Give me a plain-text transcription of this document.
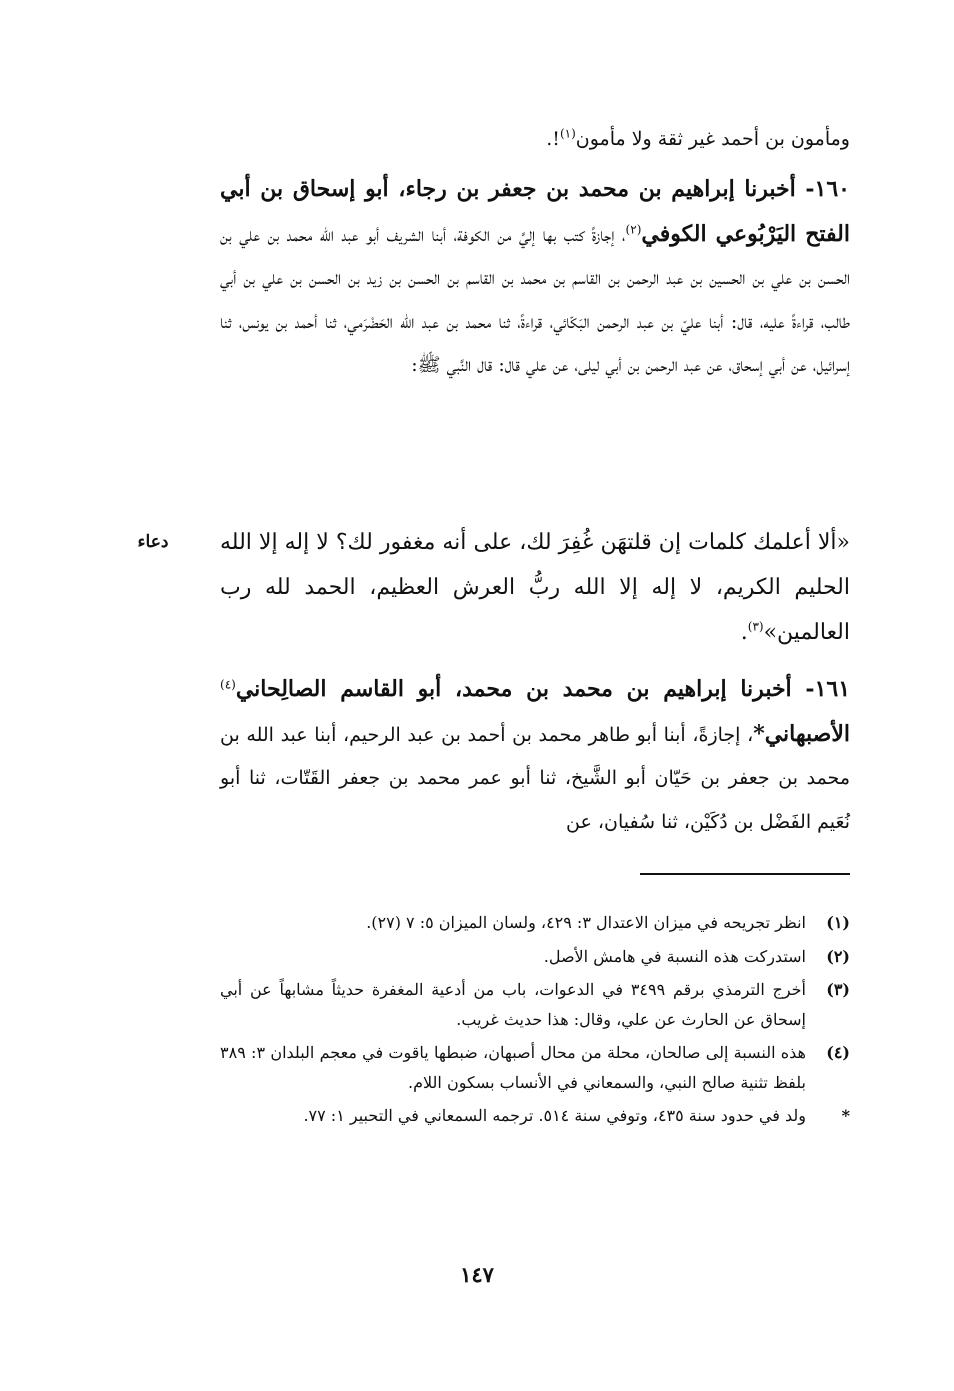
ومأمون بن أحمد غير ثقة ولا مأمون$^{(١)}$!.

١٦٠- أخبرنا إبراهيم بن محمد بن جعفر بن رجاء، أبو إسحاق بن أبي الفتح اليَرْبُوعي الكوفي$^{(٢)}$، إجازةً كتب بها إليَّ من الكوفة، أبنا الشريف أبو عبد الله محمد بن علي بن الحسن بن علي بن الحسين بن عبد الرحمن بن القاسم بن محمد بن القاسم بن الحسن بن زيد بن الحسن بن علي بن أبي طالب، قراءةً عليه، قال: أبنا عليّ بن عبد الرحمن البَكّائي، قراءةً، ثنا محمد بن عبد الله الحَضْرَمي، ثنا أحمد بن يونس، ثنا إسرائيل، عن أبي إسحاق، عن عبد الرحمن بن أبي ليلى، عن علي قال: قال النَّبي ﷺ:

«ألا أعلمك كلمات إن قلتهَن غُفِرَ لك، على أنه مغفور لك؟ لا إله إلا الله الحليم الكريم، لا إله إلا الله ربُّ العرش العظيم، الحمد لله رب العالمين»$^{(٣)}$.

دعاء

١٦١- أخبرنا إبراهيم بن محمد بن محمد، أبو القاسم الصالِحاني$^{(٤)}$ الأصبهاني*، إجازةً، أبنا أبو طاهر محمد بن أحمد بن عبد الرحيم، أبنا عبد الله بن محمد بن جعفر بن حَيّان أبو الشَّيخ، ثنا أبو عمر محمد بن جعفر القَتّات، ثنا أبو نُعَيم الفَضْل بن دُكَيْن، ثنا سُفيان، عن

(١)
انظر تجريحه في ميزان الاعتدال ٣: ٤٢٩، ولسان الميزان ٥: ٧ (٢٧).
(٢)
استدركت هذه النسبة في هامش الأصل.
(٣)
أخرج الترمذي برقم ٣٤٩٩ في الدعوات، باب من أدعية المغفرة حديثاً مشابهاً عن أبي إسحاق عن الحارث عن علي، وقال: هذا حديث غريب.
(٤)
هذه النسبة إلى صالحان، محلة من محال أصبهان، ضبطها ياقوت في معجم البلدان ٣: ٣٨٩ بلفظ تثنية صالح النبي، والسمعاني في الأنساب بسكون اللام.
*
ولد في حدود سنة ٤٣٥، وتوفي سنة ٥١٤. ترجمه السمعاني في التحبير ١: ٧٧.
١٤٧
